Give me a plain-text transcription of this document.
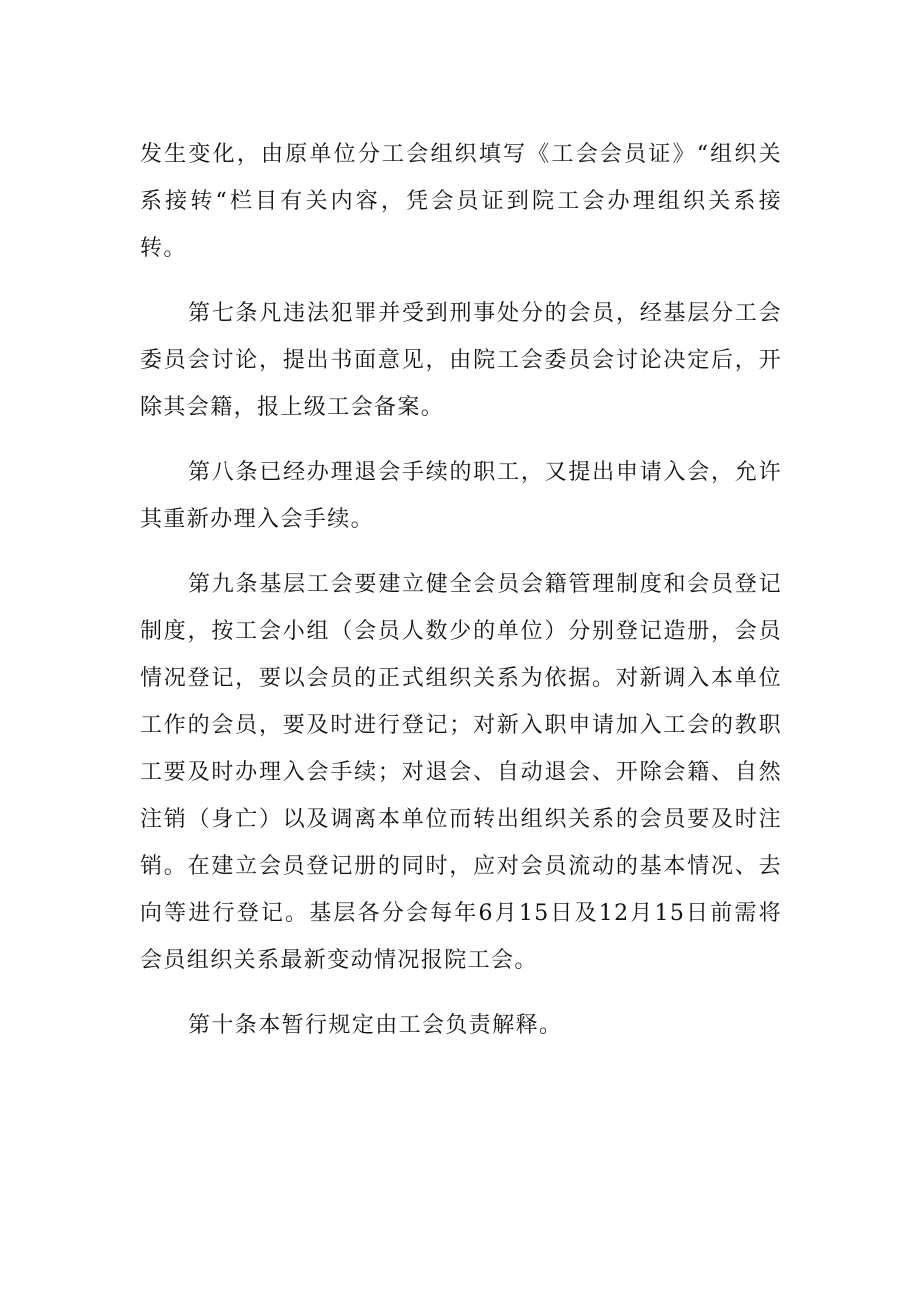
发生变化，由原单位分工会组织填写《工会会员证》“组织关系接转“栏目有关内容，凭会员证到院工会办理组织关系接转。

第七条凡违法犯罪并受到刑事处分的会员，经基层分工会委员会讨论，提出书面意见，由院工会委员会讨论决定后，开除其会籍，报上级工会备案。

第八条已经办理退会手续的职工，又提出申请入会，允许其重新办理入会手续。

第九条基层工会要建立健全会员会籍管理制度和会员登记制度，按工会小组（会员人数少的单位）分别登记造册，会员情况登记，要以会员的正式组织关系为依据。对新调入本单位工作的会员，要及时进行登记；对新入职申请加入工会的教职工要及时办理入会手续；对退会、自动退会、开除会籍、自然注销（身亡）以及调离本单位而转出组织关系的会员要及时注销。在建立会员登记册的同时，应对会员流动的基本情况、去向等进行登记。基层各分会每年6月15日及12月15日前需将会员组织关系最新变动情况报院工会。

第十条本暂行规定由工会负责解释。
